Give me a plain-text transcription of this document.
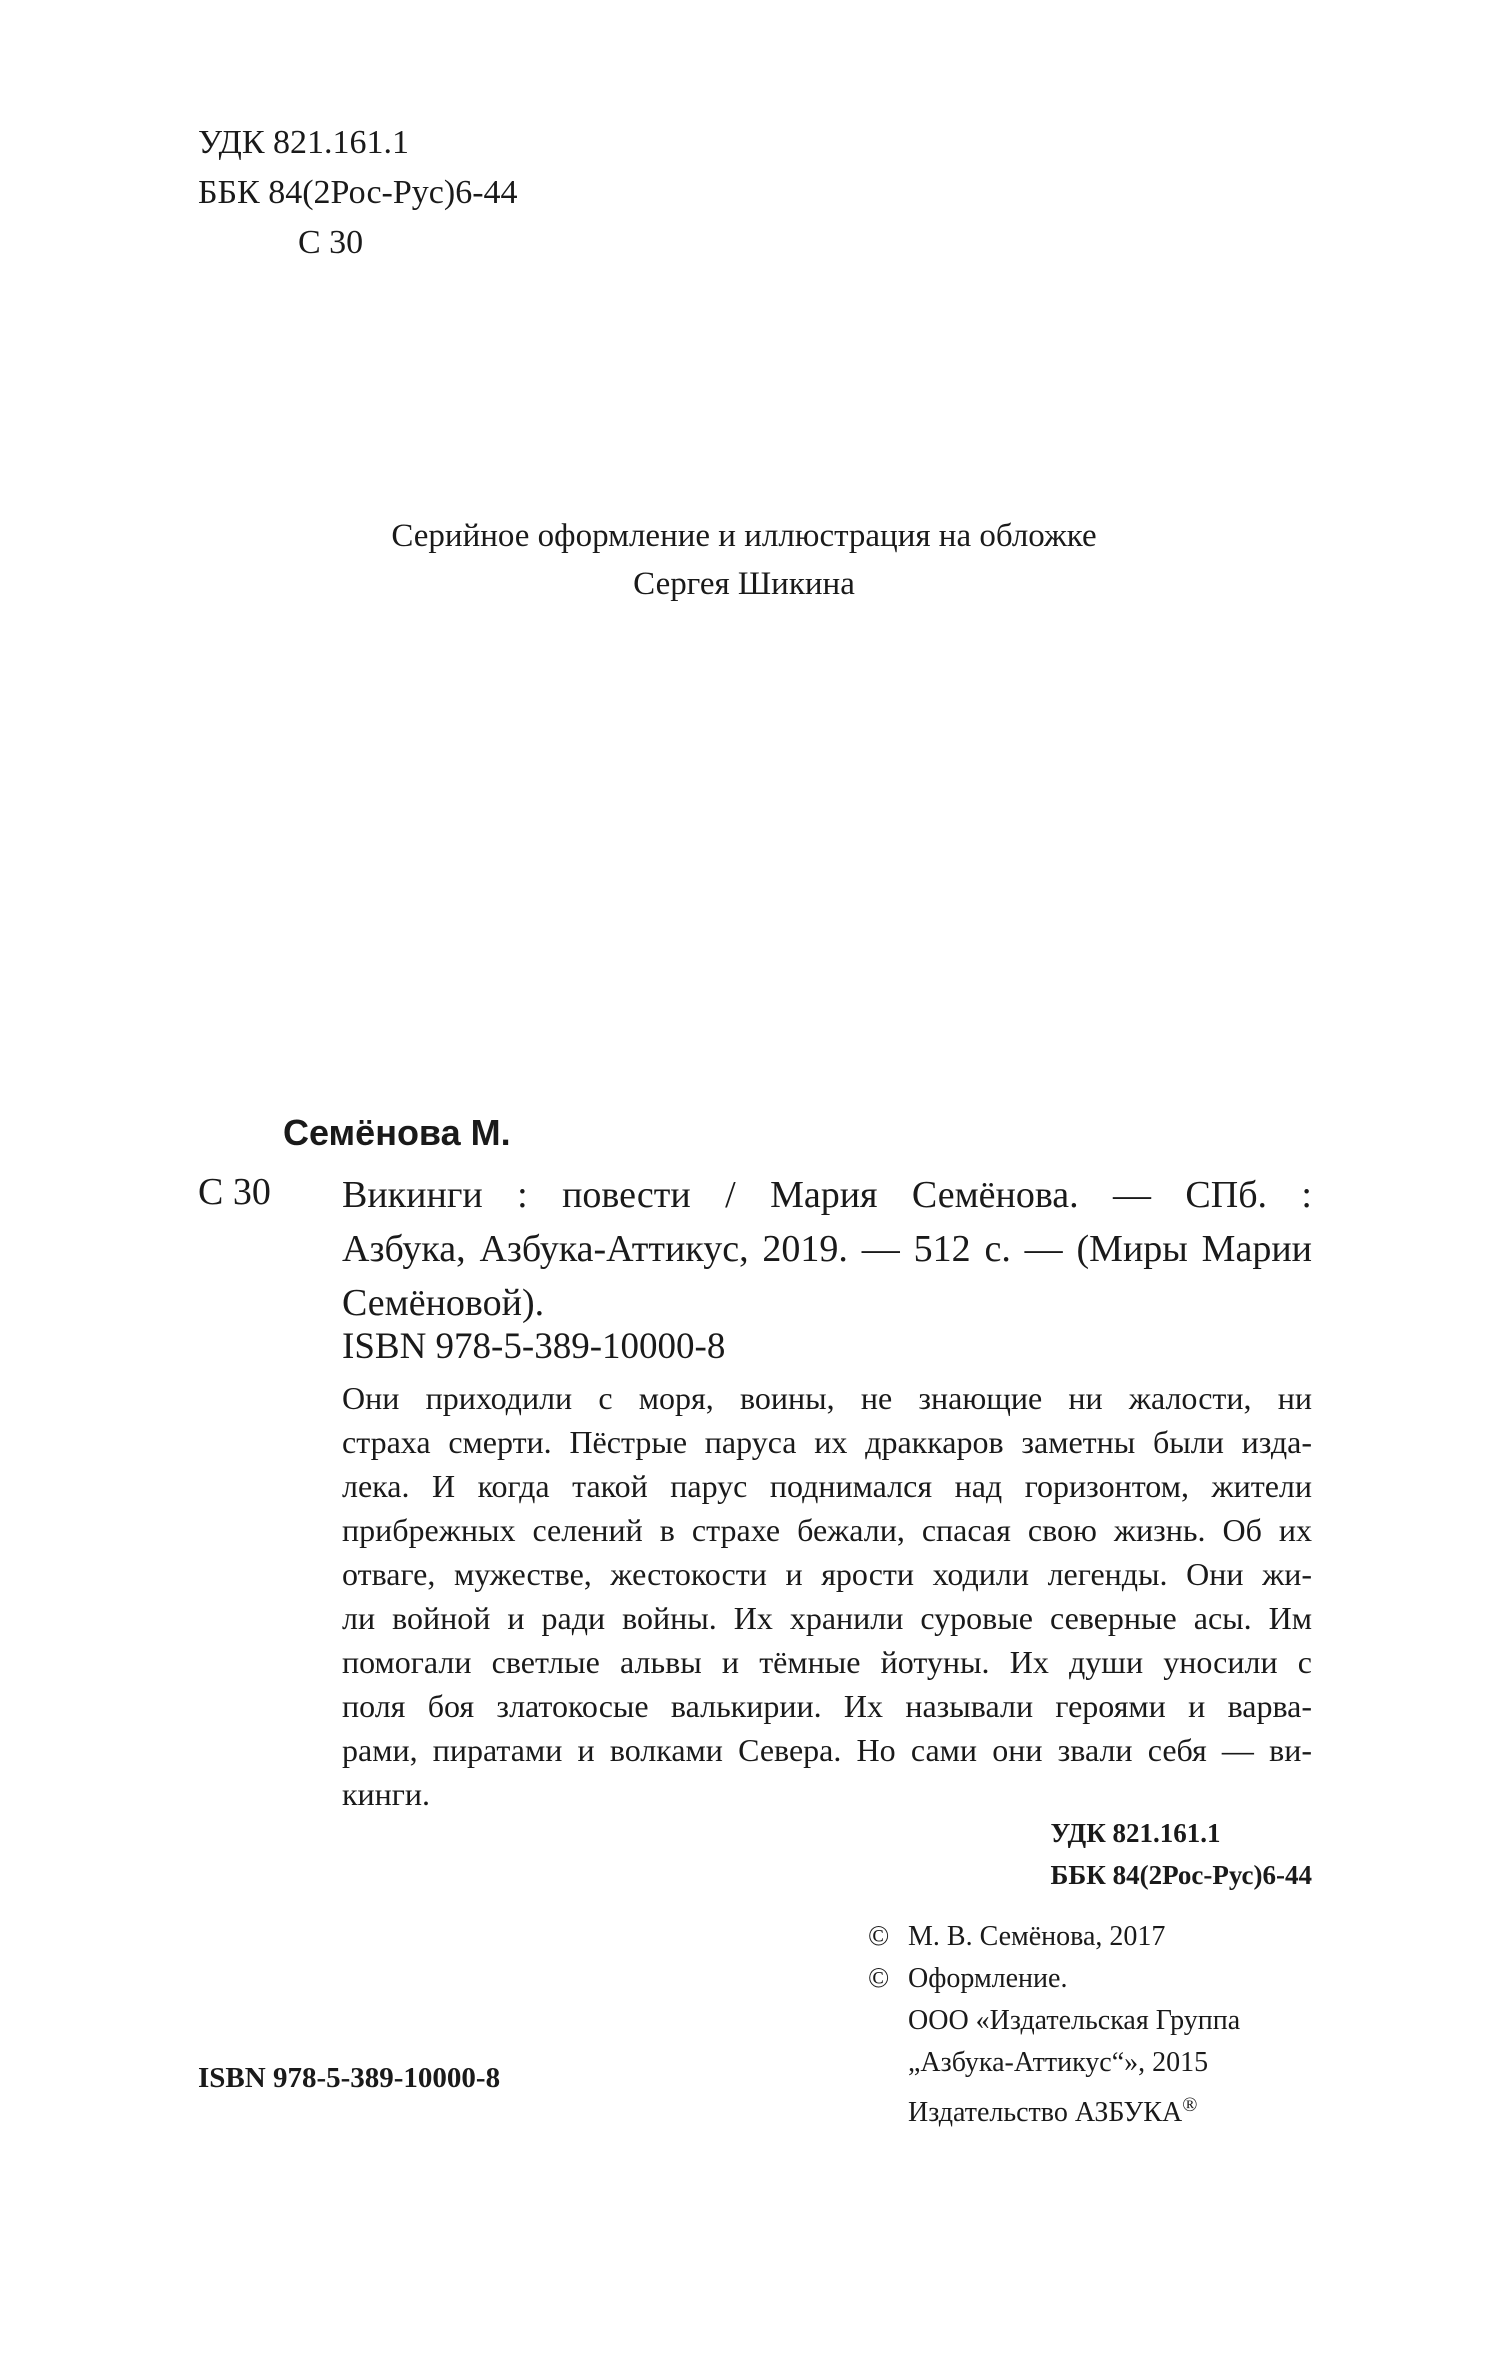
УДК 821.161.1
ББК 84(2Рос-Рус)6-44
С 30
Серийное оформление и иллюстрация на обложке
Сергея Шикина
Семёнова М.
С 30 Викинги : повести / Мария Семёнова. — СПб. :
Азбука, Азбука-Аттикус, 2019. — 512 с. — (Миры Марии
Семёновой).
ISBN 978-5-389-10000-8
Они приходили с моря, воины, не знающие ни жалости, ни
страха смерти. Пёстрые паруса их драккаров заметны были изда-
лека. И когда такой парус поднимался над горизонтом, жители
прибрежных селений в страхе бежали, спасая свою жизнь. Об их
отваге, мужестве, жестокости и ярости ходили легенды. Они жи-
ли войной и ради войны. Их хранили суровые северные асы. Им
помогали светлые альвы и тёмные йотуны. Их души уносили с
поля боя златокосые валькирии. Их называли героями и варва-
рами, пиратами и волками Севера. Но сами они звали себя — ви-
кинги.
УДК 821.161.1
ББК 84(2Рос-Рус)6-44
© М. В. Семёнова, 2017
© Оформление.
ООО «Издательская Группа
„Азбука-Аттикус“», 2015
Издательство АЗБУКА®
ISBN 978-5-389-10000-8
